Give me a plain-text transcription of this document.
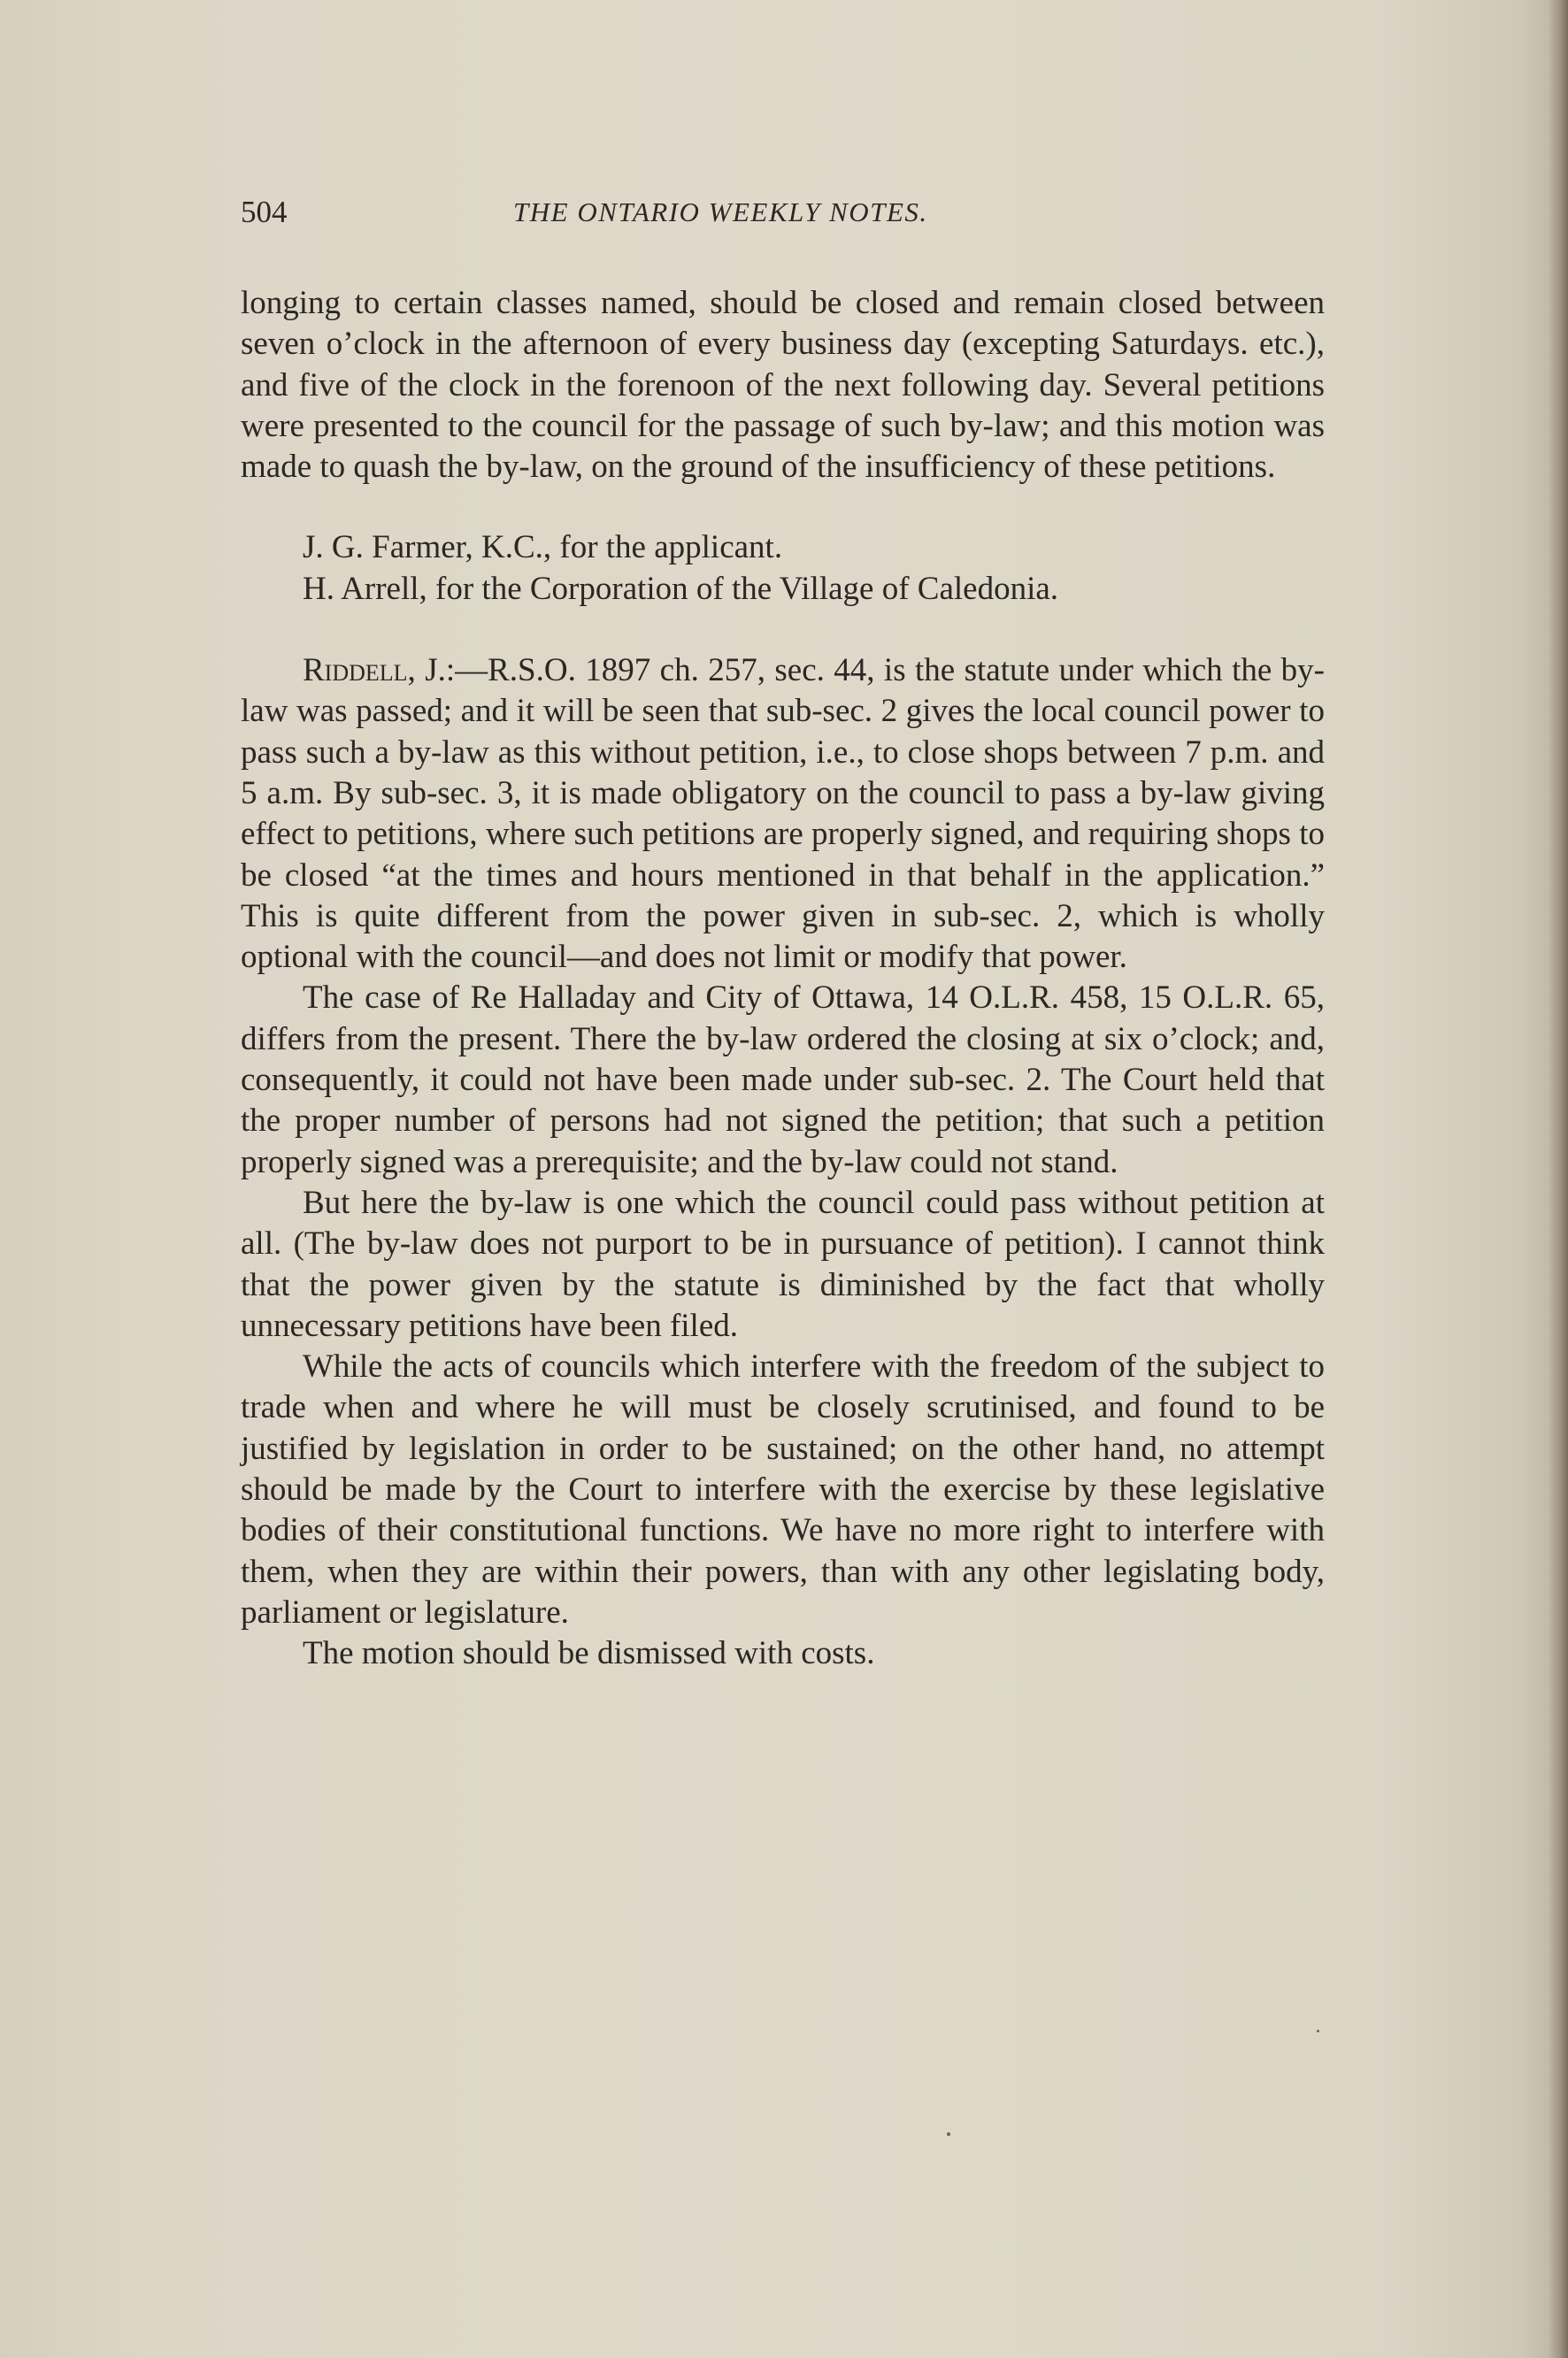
504	THE ONTARIO WEEKLY NOTES.

longing to certain classes named, should be closed and remain closed between seven o’clock in the afternoon of every business day (excepting Saturdays. etc.), and five of the clock in the forenoon of the next following day. Several petitions were presented to the council for the passage of such by-law; and this motion was made to quash the by-law, on the ground of the insufficiency of these petitions.

J. G. Farmer, K.C., for the applicant.

H. Arrell, for the Corporation of the Village of Caledonia.

Riddell, J.:—R.S.O. 1897 ch. 257, sec. 44, is the statute under which the by-law was passed; and it will be seen that sub-sec. 2 gives the local council power to pass such a by-law as this without petition, i.e., to close shops between 7 p.m. and 5 a.m. By sub-sec. 3, it is made obligatory on the council to pass a by-law giving effect to petitions, where such petitions are properly signed, and requiring shops to be closed “at the times and hours mentioned in that behalf in the application.” This is quite different from the power given in sub-sec. 2, which is wholly optional with the council—and does not limit or modify that power.

The case of Re Halladay and City of Ottawa, 14 O.L.R. 458, 15 O.L.R. 65, differs from the present. There the by-law ordered the closing at six o’clock; and, consequently, it could not have been made under sub-sec. 2. The Court held that the proper number of persons had not signed the petition; that such a petition properly signed was a prerequisite; and the by-law could not stand.

But here the by-law is one which the council could pass without petition at all. (The by-law does not purport to be in pursuance of petition). I cannot think that the power given by the statute is diminished by the fact that wholly unnecessary petitions have been filed.

While the acts of councils which interfere with the freedom of the subject to trade when and where he will must be closely scrutinised, and found to be justified by legislation in order to be sustained; on the other hand, no attempt should be made by the Court to interfere with the exercise by these legislative bodies of their constitutional functions. We have no more right to interfere with them, when they are within their powers, than with any other legislating body, parliament or legislature.

The motion should be dismissed with costs.
